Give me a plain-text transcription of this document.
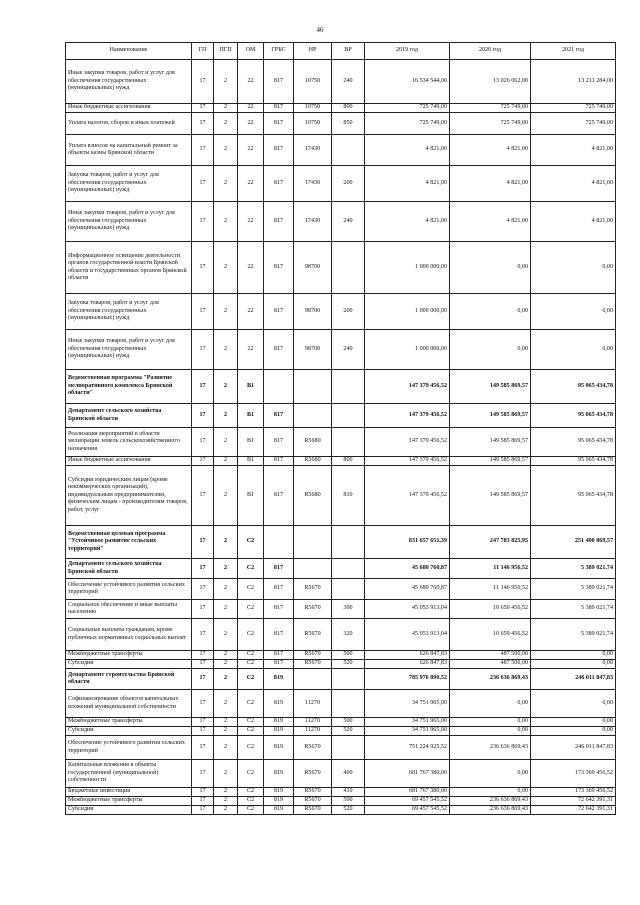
46
Наименование	ГП	ПГП	ОМ	ГРБС	НР	ВР	2019 год	2020 год	2021 год
Иные закупки товаров, работ и услуг для обеспечения государственных (муниципальных) нужд	17	2	22	817	10750	240	16 534 544,00	13 026 062,00	13 211 284,00
Иные бюджетные ассигнования	17	2	22	817	10750	800	725 749,00	725 749,00	725 749,00
Уплата налогов, сборов и иных платежей	17	2	22	817	10750	850	725 749,00	725 749,00	725 749,00
Уплата взносов на капитальный ремонт за объекты казны Брянской области	17	2	22	817	17430		4 821,00	4 821,00	4 821,00
Закупка товаров, работ и услуг для обеспечения государственных (муниципальных) нужд	17	2	22	817	17430	200	4 821,00	4 821,00	4 821,00
Иные закупки товаров, работ и услуг для обеспечения государственных (муниципальных) нужд	17	2	22	817	17430	240	4 821,00	4 821,00	4 821,00
Информационное освещение деятельности органов государственной власти Брянской области и государственных органов Брянской области	17	2	22	817	98700		1 000 000,00	0,00	0,00
Закупка товаров, работ и услуг для обеспечения государственных (муниципальных) нужд	17	2	22	817	98700	200	1 000 000,00	0,00	0,00
Иные закупки товаров, работ и услуг для обеспечения государственных (муниципальных) нужд	17	2	22	817	98700	240	1 000 000,00	0,00	0,00
Ведомственная программа "Развитие мелиоративного комплекса Брянской области"	17	2	В1				147 379 456,52	149 585 869,57	95 065 434,78
Департамент сельского хозяйства Брянской области	17	2	В1	817			147 379 456,52	149 585 869,57	95 065 434,78
Реализация мероприятий в области мелиорации земель сельскохозяйственного назначения	17	2	В1	817	R5680		147 379 456,52	149 585 869,57	95 065 434,78
Иные бюджетные ассигнования	17	2	В1	817	R5680	800	147 379 456,52	149 585 869,57	95 065 434,78
Субсидии юридическим лицам (кроме некоммерческих организаций), индивидуальным предпринимателям, физическим лицам - производителям товаров, работ, услуг	17	2	В1	817	R5680	810	147 379 456,52	149 585 869,57	95 065 434,78
Ведомственная целевая программа "Устойчивое развитие сельских территорий"	17	2	С2				831 657 651,39	247 783 825,95	251 400 869,57
Департамент сельского хозяйства Брянской области	17	2	С2	817			45 680 760,87	11 146 956,52	5 389 021,74
Обеспечение устойчивого развития сельских территорий	17	2	С2	817	R5670		45 680 760,87	11 146 956,52	5 389 021,74
Социальное обеспечение и иные выплаты населению	17	2	С2	817	R5670	300	45 053 913,04	10 659 456,52	5 389 021,74
Социальные выплаты гражданам, кроме публичных нормативных социальных выплат	17	2	С2	817	R5670	320	45 053 913,04	10 659 456,52	5 389 021,74
Межбюджетные трансферты	17	2	С2	817	R5670	500	626 847,83	487 500,00	0,00
Субсидии	17	2	С2	817	R5670	520	626 847,83	487 500,00	0,00
Департамент строительства Брянской области	17	2	С2	819			785 976 890,52	236 636 869,43	246 011 847,83
Софинансирование объектов капитальных вложений муниципальной собственности	17	2	С2	819	11270		34 751 965,00	0,00	0,00
Межбюджетные трансферты	17	2	С2	819	11270	500	34 751 965,00	0,00	0,00
Субсидии	17	2	С2	819	11270	520	34 751 965,00	0,00	0,00
Обеспечение устойчивого развития сельских территорий	17	2	С2	819	R5670		751 224 925,52	236 636 869,43	246 011 847,83
Капитальные вложения в объекты государственной (муниципальной) собственности	17	2	С2	819	R5670	400	681 767 380,00	0,00	173 369 456,52
Бюджетные инвестиции	17	2	С2	819	R5670	410	681 767 380,00	0,00	173 369 456,52
Межбюджетные трансферты	17	2	С2	819	R5670	500	69 457 545,52	236 636 869,43	72 642 391,31
Субсидии	17	2	С2	819	R5670	520	69 457 545,52	236 636 869,43	72 642 391,31
